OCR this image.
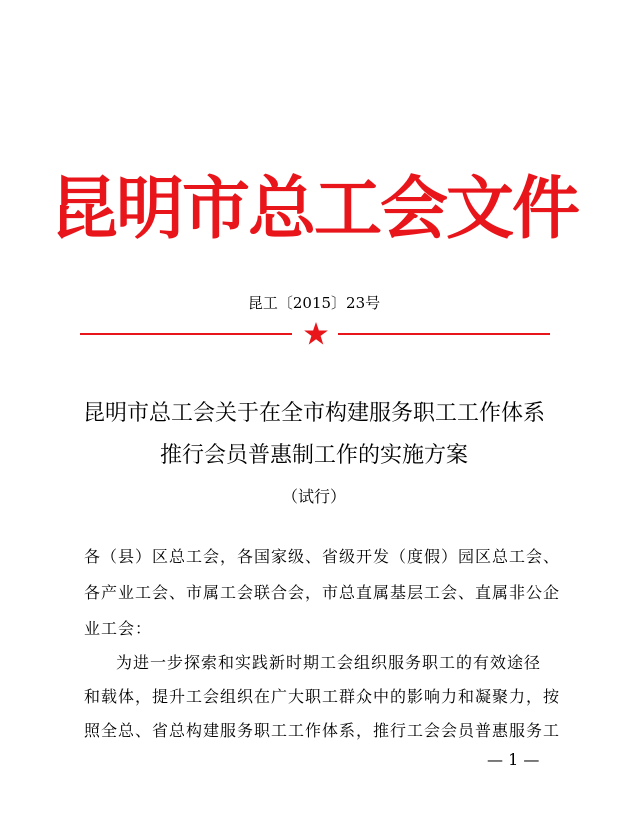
昆明市总工会文件
昆工〔2015〕23号
昆明市总工会关于在全市构建服务职工工作体系
推行会员普惠制工作的实施方案
（试行）
各（县）区总工会，各国家级、省级开发（度假）园区总工会、
各产业工会、市属工会联合会，市总直属基层工会、直属非公企
业工会：
为进一步探索和实践新时期工会组织服务职工的有效途径
和载体，提升工会组织在广大职工群众中的影响力和凝聚力，按
照全总、省总构建服务职工工作体系，推行工会会员普惠服务工
— 1 —
